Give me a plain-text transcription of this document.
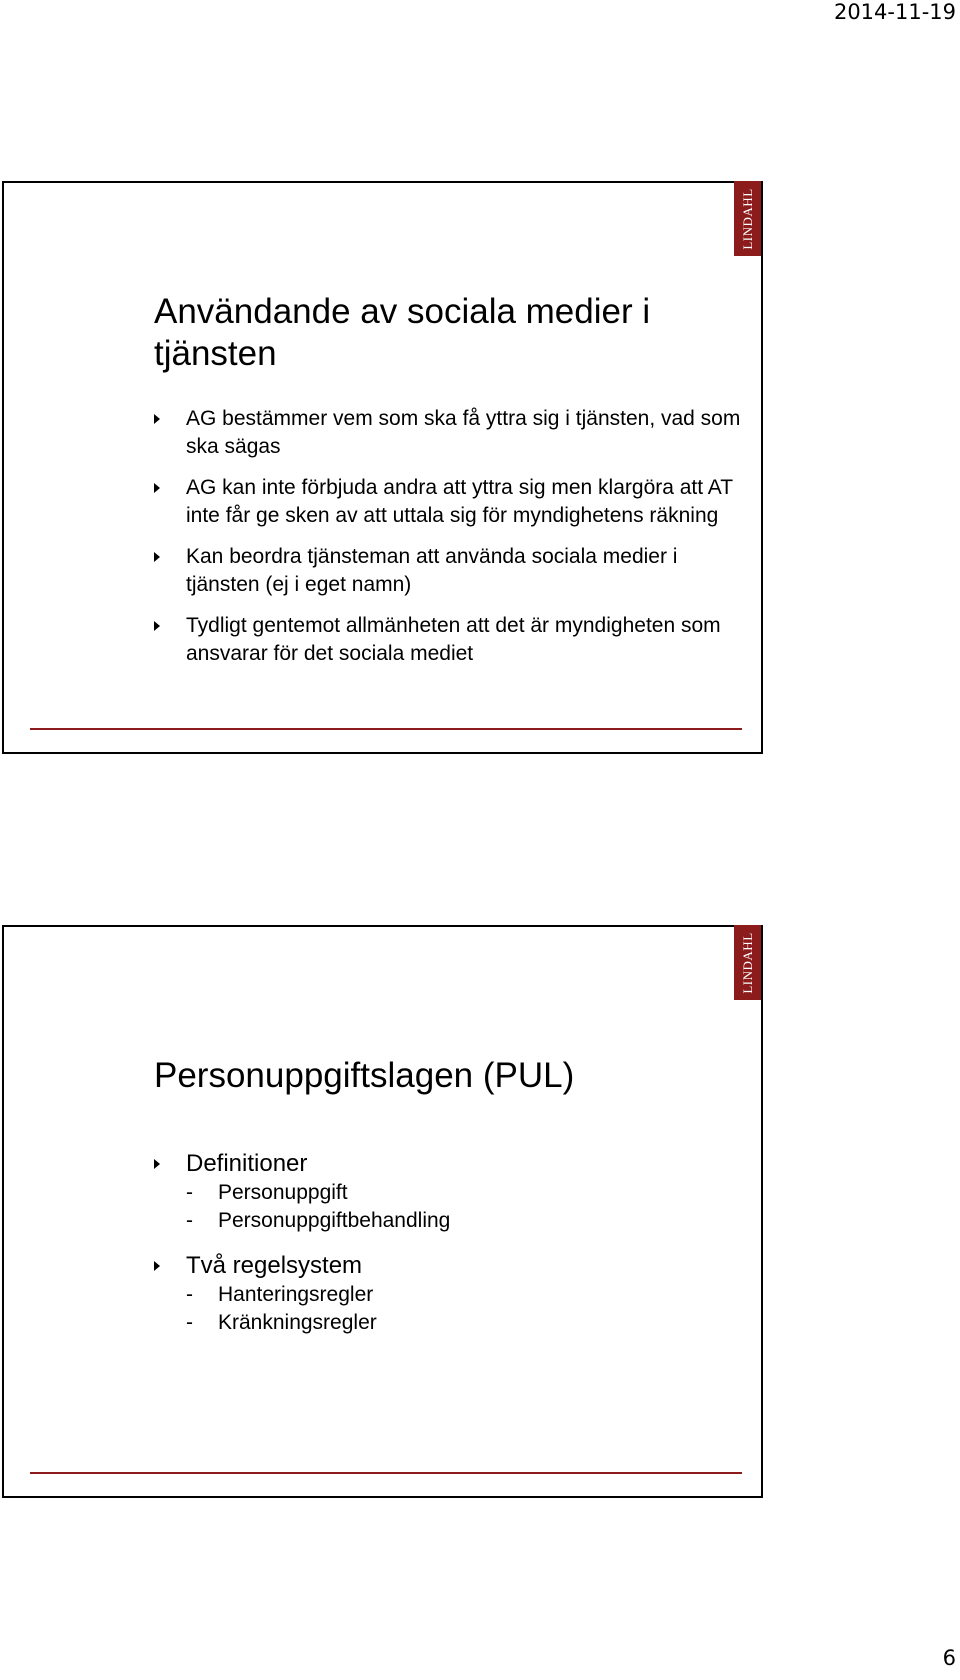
2014-11-19
LINDAHL
Användande av sociala medier i tjänsten
AG bestämmer vem som ska få yttra sig i tjänsten, vad som ska sägas
AG kan inte förbjuda andra att yttra sig men klargöra att AT inte får ge sken av att uttala sig för myndighetens räkning
Kan beordra tjänsteman att använda sociala medier i tjänsten (ej i eget namn)
Tydligt gentemot allmänheten att det är myndigheten som ansvarar för det sociala mediet
LINDAHL
Personuppgiftslagen (PUL)
Definitioner
- Personuppgift
- Personuppgiftbehandling
Två regelsystem
- Hanteringsregler
- Kränkningsregler
6
